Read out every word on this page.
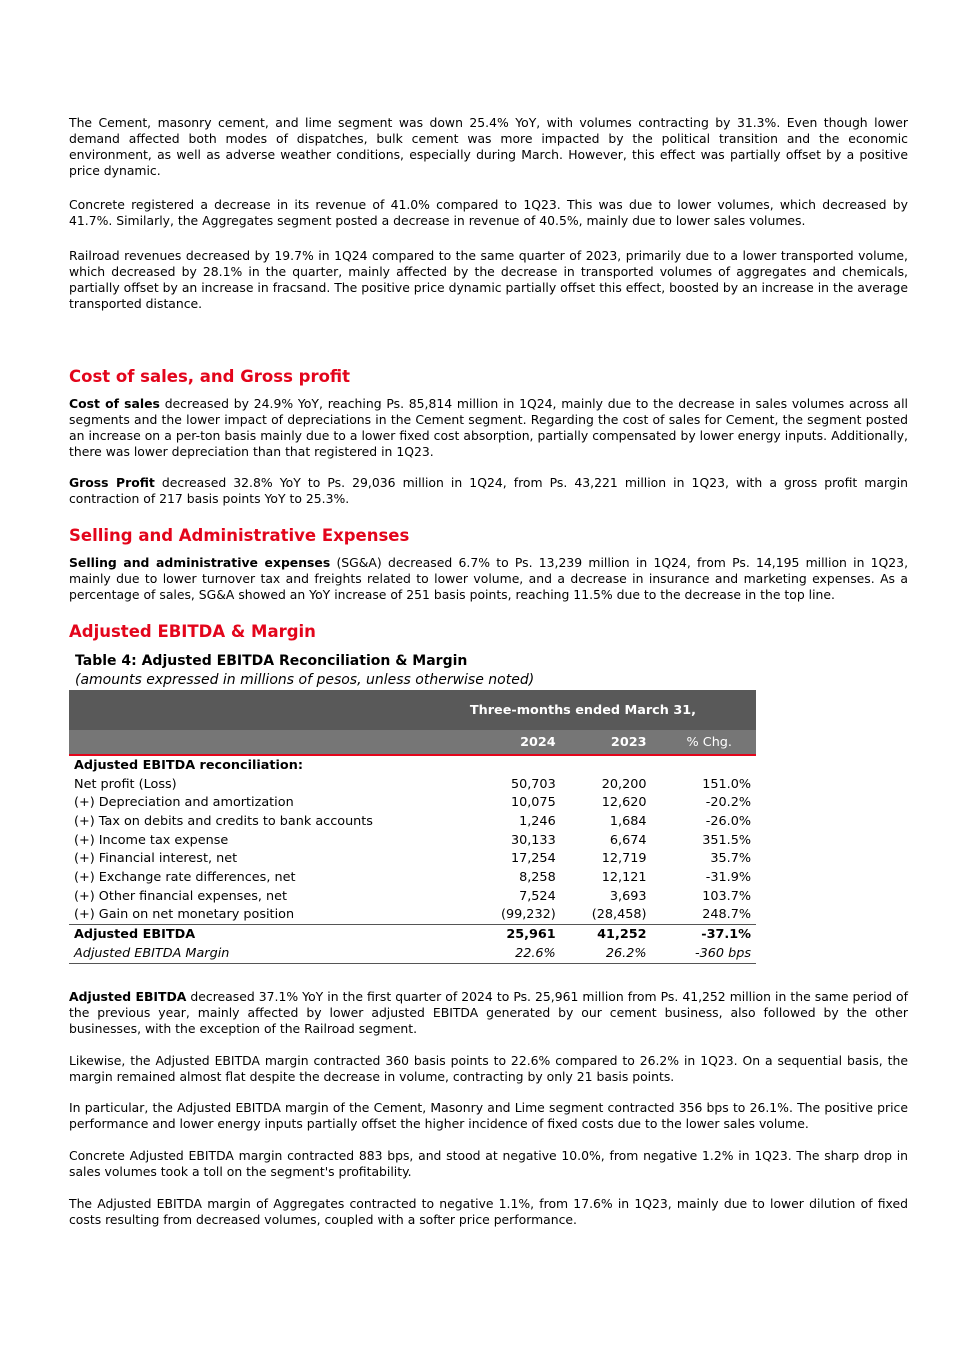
The Cement, masonry cement, and lime segment was down 25.4% YoY, with volumes contracting by 31.3%. Even though lower demand affected both modes of dispatches, bulk cement was more impacted by the political transition and the economic environment, as well as adverse weather conditions, especially during March. However, this effect was partially offset by a positive price dynamic.
Concrete registered a decrease in its revenue of 41.0% compared to 1Q23. This was due to lower volumes, which decreased by 41.7%. Similarly, the Aggregates segment posted a decrease in revenue of 40.5%, mainly due to lower sales volumes.
Railroad revenues decreased by 19.7% in 1Q24 compared to the same quarter of 2023, primarily due to a lower transported volume, which decreased by 28.1% in the quarter, mainly affected by the decrease in transported volumes of aggregates and chemicals, partially offset by an increase in fracsand. The positive price dynamic partially offset this effect, boosted by an increase in the average transported distance.
Cost of sales, and Gross profit
Cost of sales decreased by 24.9% YoY, reaching Ps. 85,814 million in 1Q24, mainly due to the decrease in sales volumes across all segments and the lower impact of depreciations in the Cement segment. Regarding the cost of sales for Cement, the segment posted an increase on a per-ton basis mainly due to a lower fixed cost absorption, partially compensated by lower energy inputs. Additionally, there was lower depreciation than that registered in 1Q23.
Gross Profit decreased 32.8% YoY to Ps. 29,036 million in 1Q24, from Ps. 43,221 million in 1Q23, with a gross profit margin contraction of 217 basis points YoY to 25.3%.
Selling and Administrative Expenses
Selling and administrative expenses (SG&A) decreased 6.7% to Ps. 13,239 million in 1Q24, from Ps. 14,195 million in 1Q23, mainly due to lower turnover tax and freights related to lower volume, and a decrease in insurance and marketing expenses. As a percentage of sales, SG&A showed an YoY increase of 251 basis points, reaching 11.5% due to the decrease in the top line.
Adjusted EBITDA & Margin
Table 4: Adjusted EBITDA Reconciliation & Margin
(amounts expressed in millions of pesos, unless otherwise noted)
	Three-months ended March 31,		
	2024	2023	% Chg.
Adjusted EBITDA reconciliation:			
Net profit (Loss)	50,703	20,200	151.0%
(+) Depreciation and amortization	10,075	12,620	-20.2%
(+) Tax on debits and credits to bank accounts	1,246	1,684	-26.0%
(+) Income tax expense	30,133	6,674	351.5%
(+) Financial interest, net	17,254	12,719	35.7%
(+) Exchange rate differences, net	8,258	12,121	-31.9%
(+) Other financial expenses, net	7,524	3,693	103.7%
(+) Gain on net monetary position	(99,232)	(28,458)	248.7%
Adjusted EBITDA	25,961	41,252	-37.1%
Adjusted EBITDA Margin	22.6%	26.2%	-360 bps
Adjusted EBITDA decreased 37.1% YoY in the first quarter of 2024 to Ps. 25,961 million from Ps. 41,252 million in the same period of the previous year, mainly affected by lower adjusted EBITDA generated by our cement business, also followed by the other businesses, with the exception of the Railroad segment.
Likewise, the Adjusted EBITDA margin contracted 360 basis points to 22.6% compared to 26.2% in 1Q23. On a sequential basis, the margin remained almost flat despite the decrease in volume, contracting by only 21 basis points.
In particular, the Adjusted EBITDA margin of the Cement, Masonry and Lime segment contracted 356 bps to 26.1%. The positive price performance and lower energy inputs partially offset the higher incidence of fixed costs due to the lower sales volume.
Concrete Adjusted EBITDA margin contracted 883 bps, and stood at negative 10.0%, from negative 1.2% in 1Q23. The sharp drop in sales volumes took a toll on the segment's profitability.
The Adjusted EBITDA margin of Aggregates contracted to negative 1.1%, from 17.6% in 1Q23, mainly due to lower dilution of fixed costs resulting from decreased volumes, coupled with a softer price performance.
